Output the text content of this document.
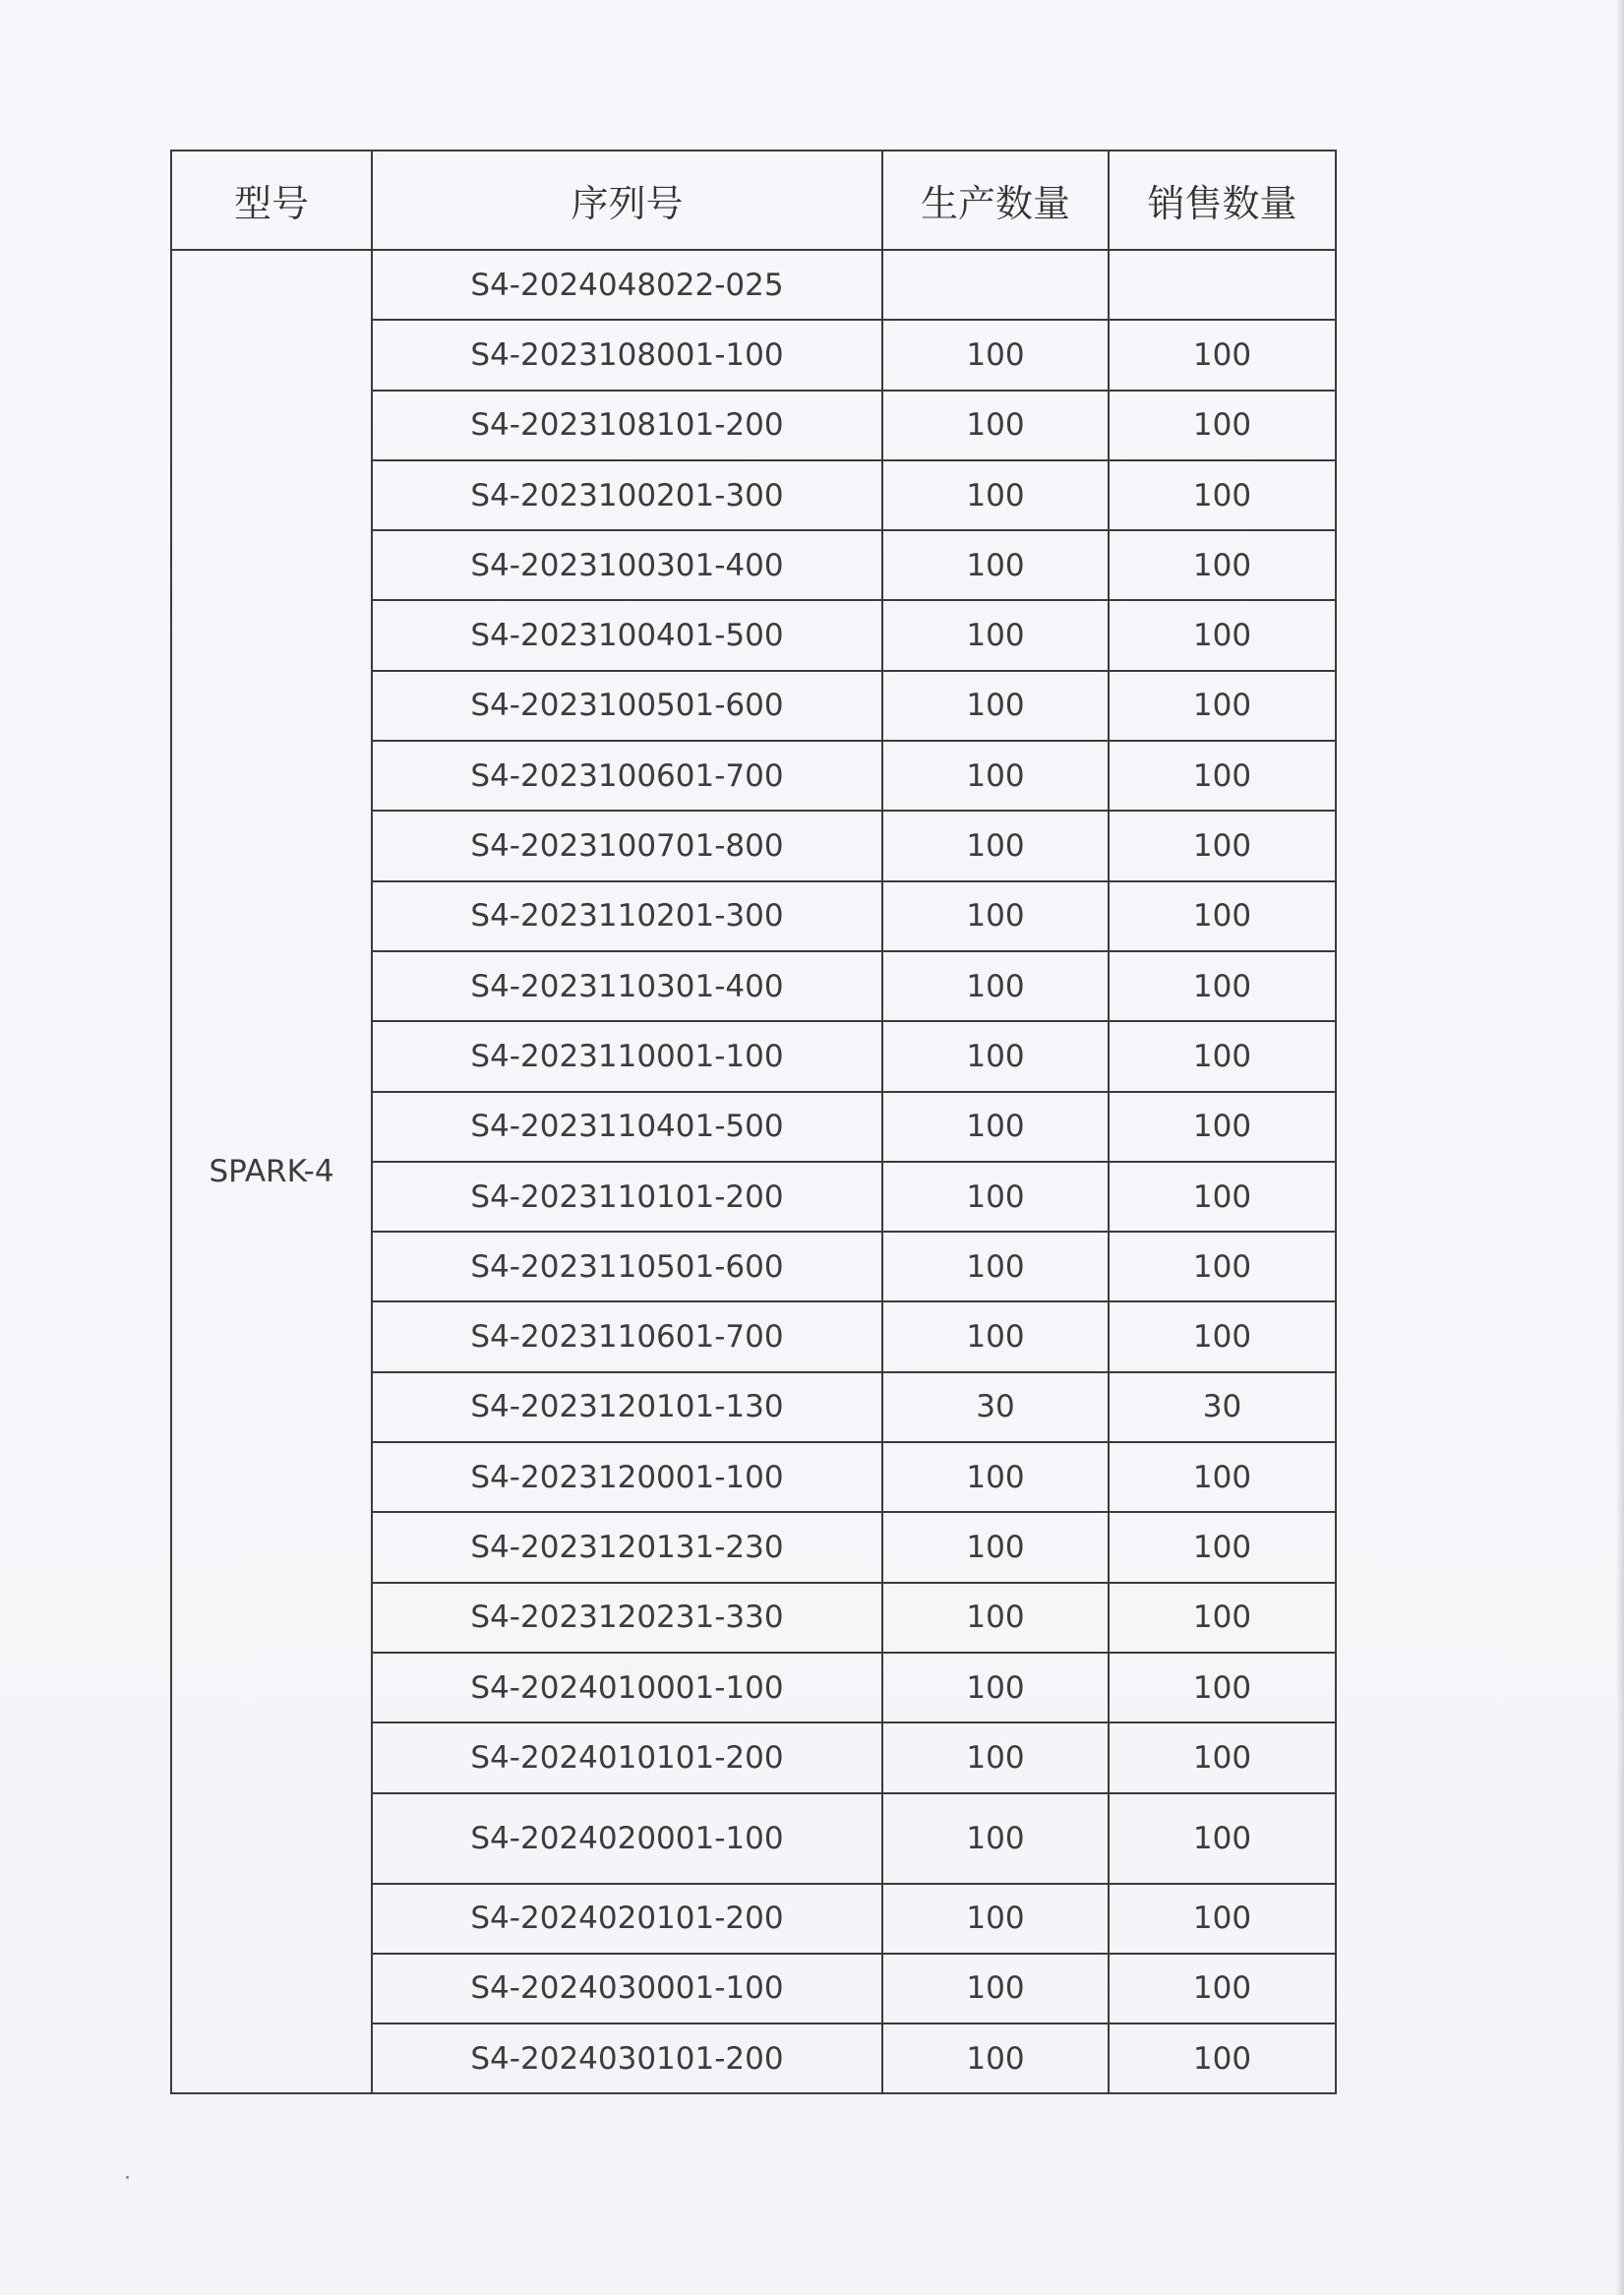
型号	序列号	生产数量	销售数量
SPARK-4	S4-2024048022-025		
	S4-2023108001-100	100	100
	S4-2023108101-200	100	100
	S4-2023100201-300	100	100
	S4-2023100301-400	100	100
	S4-2023100401-500	100	100
	S4-2023100501-600	100	100
	S4-2023100601-700	100	100
	S4-2023100701-800	100	100
	S4-2023110201-300	100	100
	S4-2023110301-400	100	100
	S4-2023110001-100	100	100
	S4-2023110401-500	100	100
	S4-2023110101-200	100	100
	S4-2023110501-600	100	100
	S4-2023110601-700	100	100
	S4-2023120101-130	30	30
	S4-2023120001-100	100	100
	S4-2023120131-230	100	100
	S4-2023120231-330	100	100
	S4-2024010001-100	100	100
	S4-2024010101-200	100	100
	S4-2024020001-100	100	100
	S4-2024020101-200	100	100
	S4-2024030001-100	100	100
	S4-2024030101-200	100	100
